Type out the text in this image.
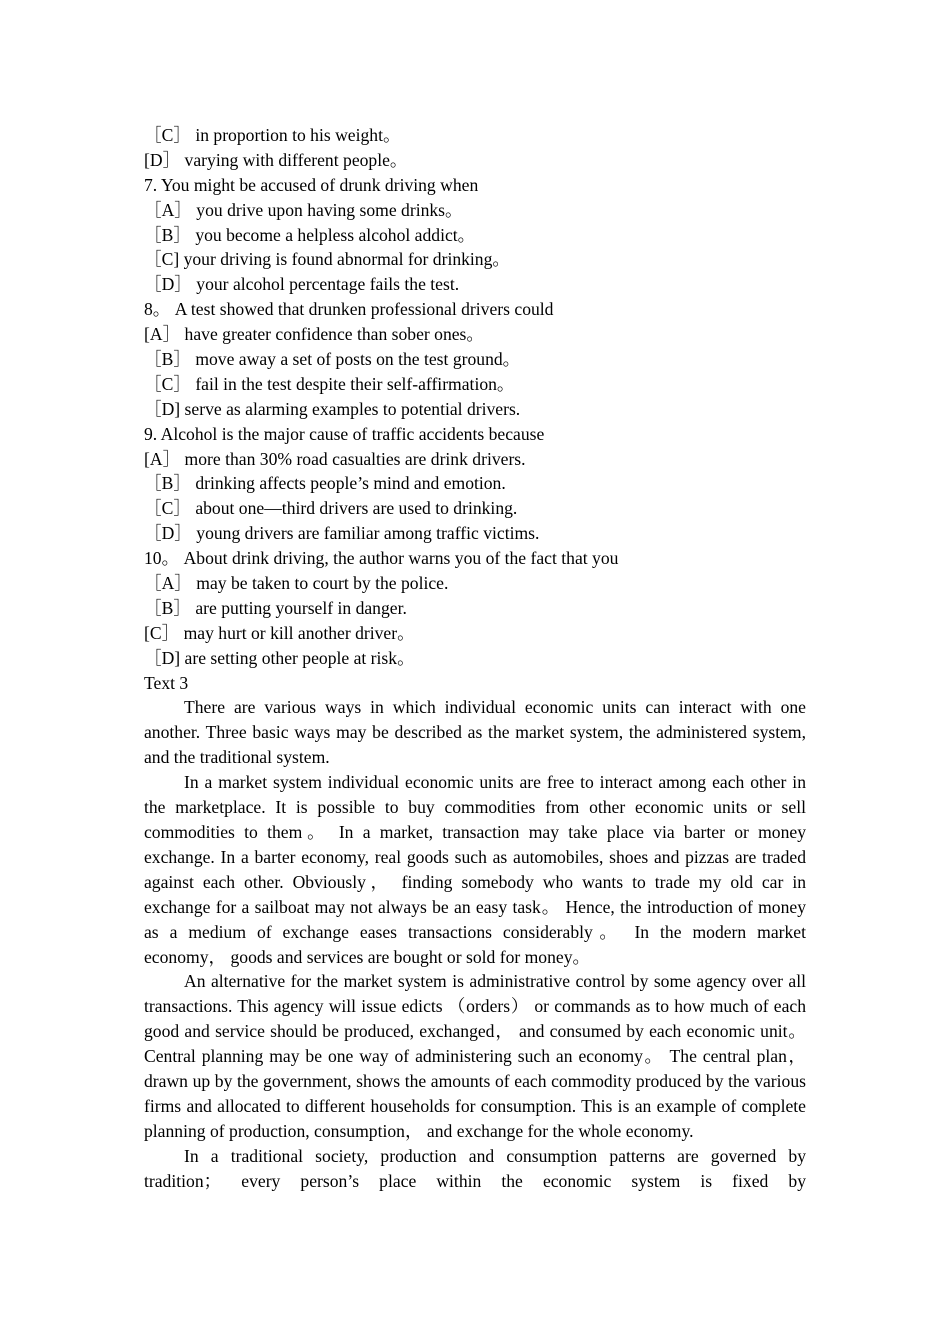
［C］ in proportion to his weight。
[D］ varying with different people。
7. You might be accused of drunk driving when
［A］ you drive upon having some drinks。
［B］ you become a helpless alcohol addict。
［C] your driving is found abnormal for drinking。
［D］ your alcohol percentage fails the test.
8。 A test showed that drunken professional drivers could
[A］ have greater confidence than sober ones。
［B］ move away a set of posts on the test ground。
［C］ fail in the test despite their self-affirmation。
［D] serve as alarming examples to potential drivers.
9. Alcohol is the major cause of traffic accidents because
[A］ more than 30% road casualties are drink drivers.
［B］ drinking affects people’s mind and emotion.
［C］ about one—third drivers are used to drinking.
［D］ young drivers are familiar among traffic victims.
10。 About drink driving, the author warns you of the fact that you
［A］ may be taken to court by the police.
［B］ are putting yourself in danger.
[C］ may hurt or kill another driver。
［D] are setting other people at risk。
Text 3

There are various ways in which individual economic units can interact with one another. Three basic ways may be described as the market system, the administered system, and the traditional system.

In a market system individual economic units are free to interact among each other in the marketplace. It is possible to buy commodities from other economic units or sell commodities to them。 In a market, transaction may take place via barter or money exchange. In a barter economy, real goods such as automobiles, shoes and pizzas are traded against each other. Obviously， finding somebody who wants to trade my old car in exchange for a sailboat may not always be an easy task。 Hence, the introduction of money as a medium of exchange eases transactions considerably。 In the modern market economy， goods and services are bought or sold for money。

An alternative for the market system is administrative control by some agency over all transactions. This agency will issue edicts （orders） or commands as to how much of each good and service should be produced, exchanged， and consumed by each economic unit。 Central planning may be one way of administering such an economy。 The central plan， drawn up by the government, shows the amounts of each commodity produced by the various firms and allocated to different households for consumption. This is an example of complete planning of production, consumption， and exchange for the whole economy.

In a traditional society, production and consumption patterns are governed by tradition； every person’s place within the economic system is fixed by
